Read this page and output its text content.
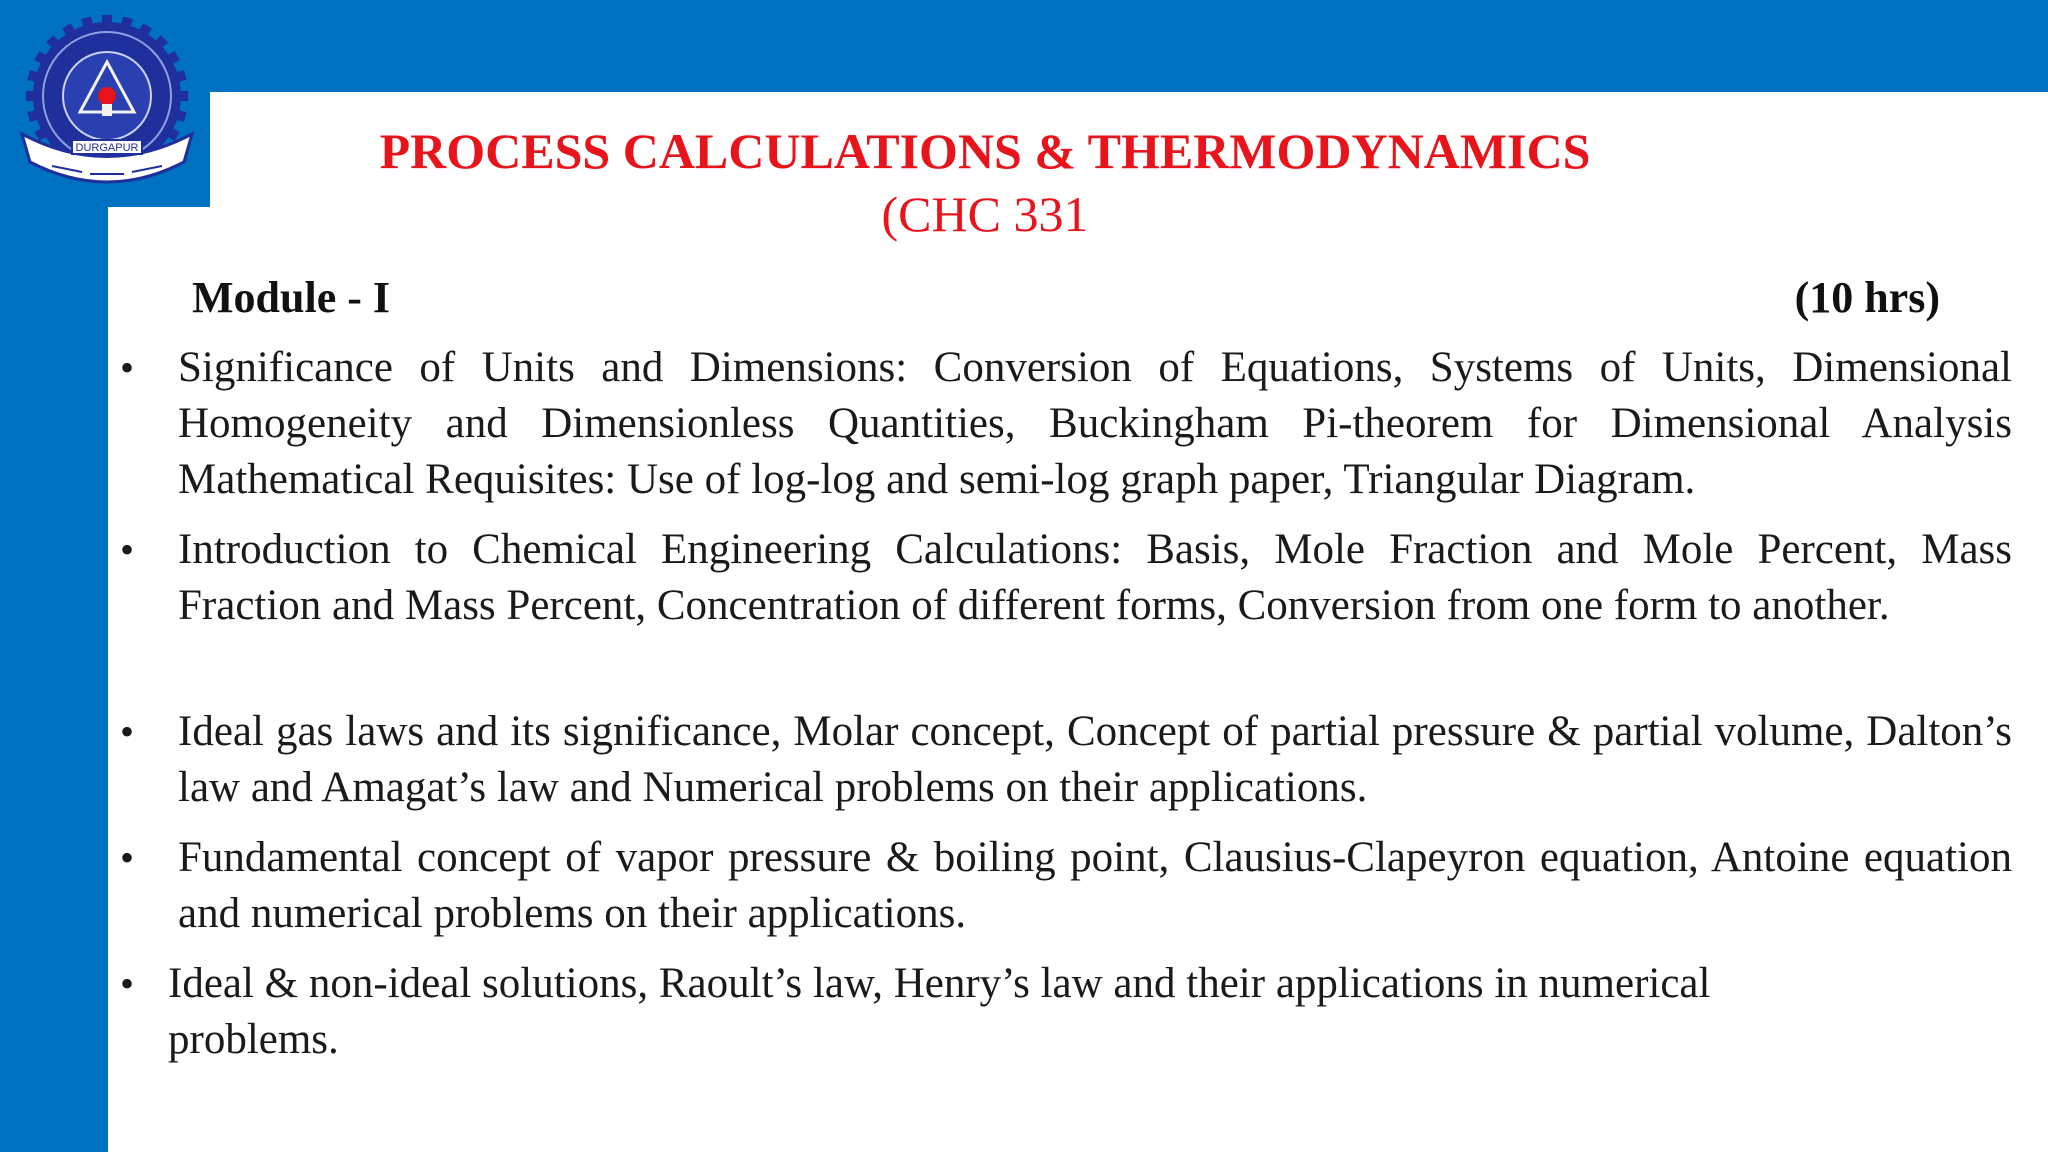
DURGAPUR	PROCESS CALCULATIONS & THERMODYNAMICS
(CHC 331
Module - I	(10 hrs)
• Significance of Units and Dimensions: Conversion of Equations, Systems of Units, Dimensional Homogeneity and Dimensionless Quantities, Buckingham Pi-theorem for Dimensional Analysis Mathematical Requisites: Use of log-log and semi-log graph paper, Triangular Diagram.
• Introduction to Chemical Engineering Calculations: Basis, Mole Fraction and Mole Percent, Mass Fraction and Mass Percent, Concentration of different forms, Conversion from one form to another.
• Ideal gas laws and its significance, Molar concept, Concept of partial pressure & partial volume, Dalton’s law and Amagat’s law and Numerical problems on their applications.
• Fundamental concept of vapor pressure & boiling point, Clausius-Clapeyron equation, Antoine equation and numerical problems on their applications.
• Ideal & non-ideal solutions, Raoult’s law, Henry’s law and their applications in numerical problems.
